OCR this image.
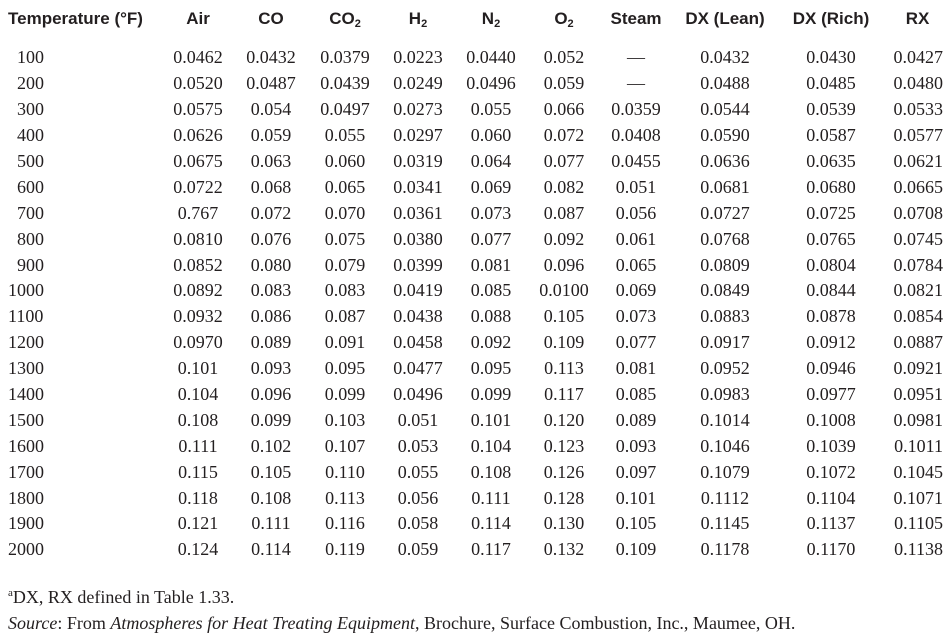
Temperature (°F)	Air	CO	$CO_2$	$H_2$	$N_2$	$O_2$	Steam	DX (Lean)	DX (Rich)	RX
100	0.0462	0.0432	0.0379	0.0223	0.0440	0.052	—	0.0432	0.0430	0.0427
200	0.0520	0.0487	0.0439	0.0249	0.0496	0.059	—	0.0488	0.0485	0.0480
300	0.0575	0.054	0.0497	0.0273	0.055	0.066	0.0359	0.0544	0.0539	0.0533
400	0.0626	0.059	0.055	0.0297	0.060	0.072	0.0408	0.0590	0.0587	0.0577
500	0.0675	0.063	0.060	0.0319	0.064	0.077	0.0455	0.0636	0.0635	0.0621
600	0.0722	0.068	0.065	0.0341	0.069	0.082	0.051	0.0681	0.0680	0.0665
700	0.767	0.072	0.070	0.0361	0.073	0.087	0.056	0.0727	0.0725	0.0708
800	0.0810	0.076	0.075	0.0380	0.077	0.092	0.061	0.0768	0.0765	0.0745
900	0.0852	0.080	0.079	0.0399	0.081	0.096	0.065	0.0809	0.0804	0.0784
1000	0.0892	0.083	0.083	0.0419	0.085	0.0100	0.069	0.0849	0.0844	0.0821
1100	0.0932	0.086	0.087	0.0438	0.088	0.105	0.073	0.0883	0.0878	0.0854
1200	0.0970	0.089	0.091	0.0458	0.092	0.109	0.077	0.0917	0.0912	0.0887
1300	0.101	0.093	0.095	0.0477	0.095	0.113	0.081	0.0952	0.0946	0.0921
1400	0.104	0.096	0.099	0.0496	0.099	0.117	0.085	0.0983	0.0977	0.0951
1500	0.108	0.099	0.103	0.051	0.101	0.120	0.089	0.1014	0.1008	0.0981
1600	0.111	0.102	0.107	0.053	0.104	0.123	0.093	0.1046	0.1039	0.1011
1700	0.115	0.105	0.110	0.055	0.108	0.126	0.097	0.1079	0.1072	0.1045
1800	0.118	0.108	0.113	0.056	0.111	0.128	0.101	0.1112	0.1104	0.1071
1900	0.121	0.111	0.116	0.058	0.114	0.130	0.105	0.1145	0.1137	0.1105
2000	0.124	0.114	0.119	0.059	0.117	0.132	0.109	0.1178	0.1170	0.1138
$^a$DX, RX defined in Table 1.33.
Source: From Atmospheres for Heat Treating Equipment, Brochure, Surface Combustion, Inc., Maumee, OH.
